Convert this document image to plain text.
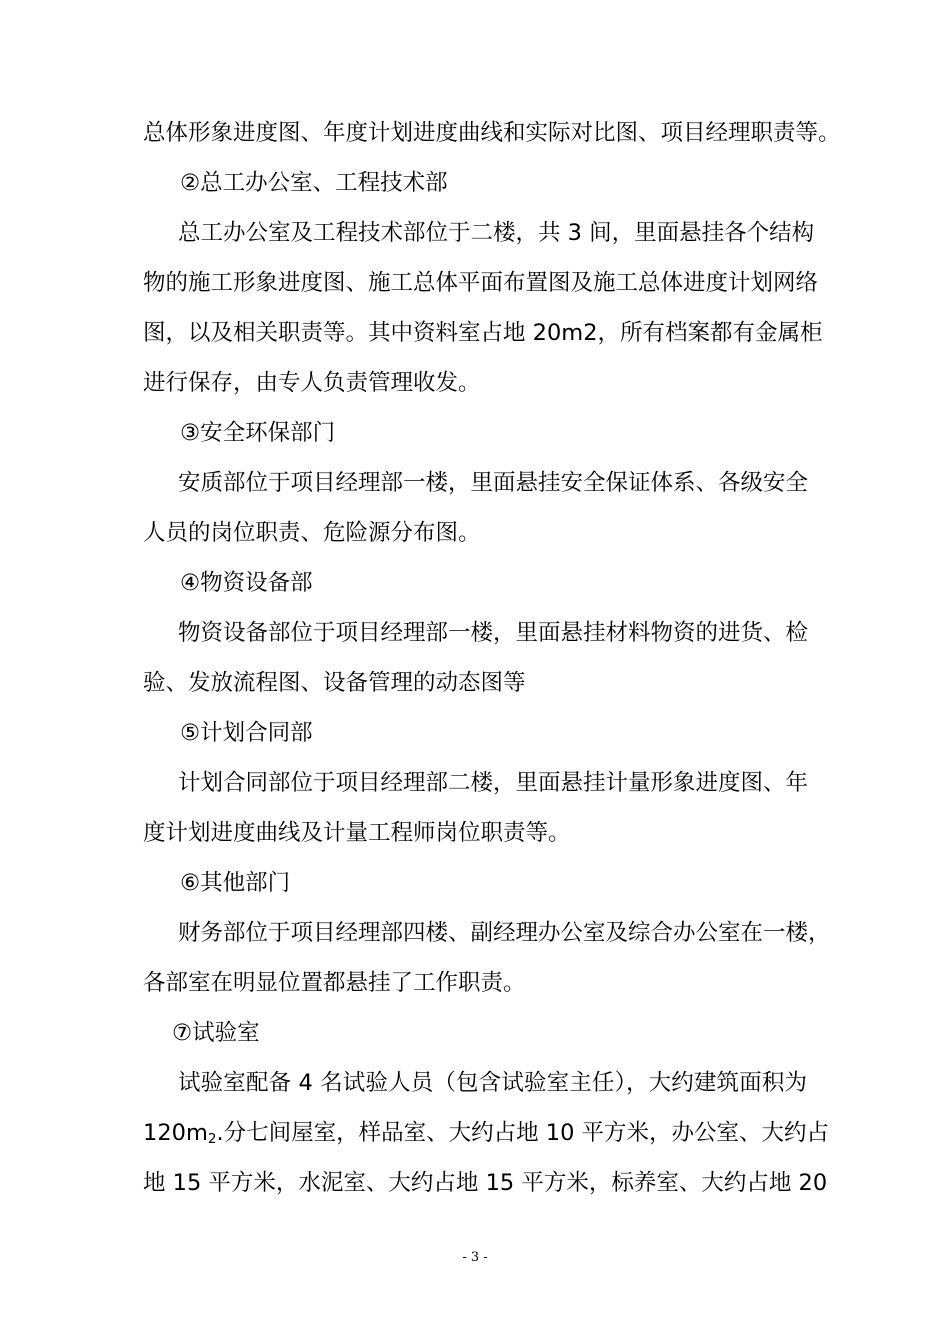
总体形象进度图、年度计划进度曲线和实际对比图、项目经理职责等。
②总工办公室、工程技术部
总工办公室及工程技术部位于二楼，共 3 间，里面悬挂各个结构
物的施工形象进度图、施工总体平面布置图及施工总体进度计划网络
图，以及相关职责等。其中资料室占地 20m2，所有档案都有金属柜
进行保存，由专人负责管理收发。
③安全环保部门
安质部位于项目经理部一楼，里面悬挂安全保证体系、各级安全
人员的岗位职责、危险源分布图。
④物资设备部
物资设备部位于项目经理部一楼，里面悬挂材料物资的进货、检
验、发放流程图、设备管理的动态图等
⑤计划合同部
计划合同部位于项目经理部二楼，里面悬挂计量形象进度图、年
度计划进度曲线及计量工程师岗位职责等。
⑥其他部门
财务部位于项目经理部四楼、副经理办公室及综合办公室在一楼，
各部室在明显位置都悬挂了工作职责。
⑦试验室
试验室配备 4 名试验人员（包含试验室主任），大约建筑面积为
$120m_2$.分七间屋室，样品室、大约占地 10 平方米，办公室、大约占
地 15 平方米，水泥室、大约占地 15 平方米，标养室、大约占地 20
- 3 -
